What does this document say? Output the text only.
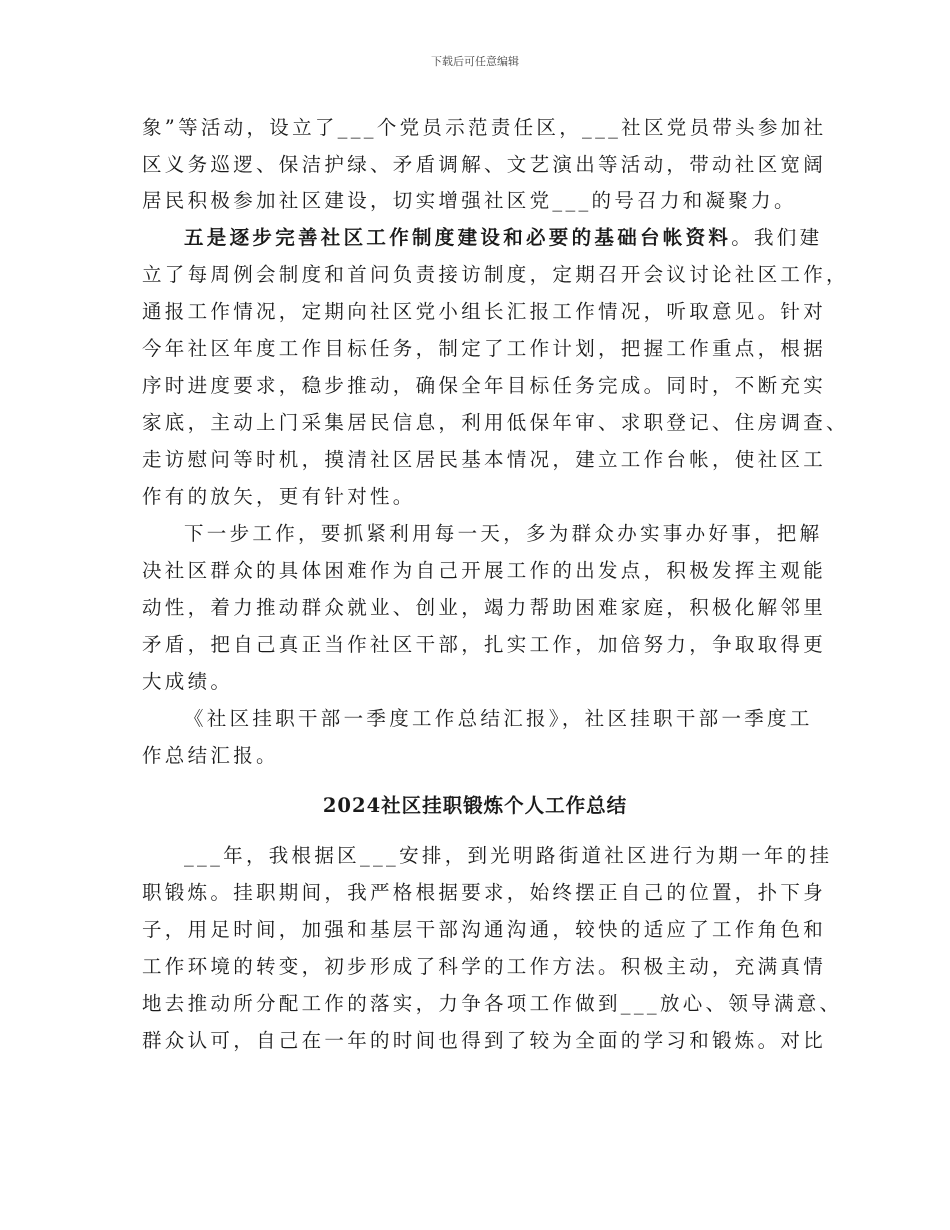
下载后可任意编辑
象”等活动，设立了___个党员示范责任区，___社区党员带头参加社
区义务巡逻、保洁护绿、矛盾调解、文艺演出等活动，带动社区宽阔
居民积极参加社区建设，切实增强社区党___的号召力和凝聚力。
五是逐步完善社区工作制度建设和必要的基础台帐资料。我们建
立了每周例会制度和首问负责接访制度，定期召开会议讨论社区工作，
通报工作情况，定期向社区党小组长汇报工作情况，听取意见。针对
今年社区年度工作目标任务，制定了工作计划，把握工作重点，根据
序时进度要求，稳步推动，确保全年目标任务完成。同时，不断充实
家底，主动上门采集居民信息，利用低保年审、求职登记、住房调查、
走访慰问等时机，摸清社区居民基本情况，建立工作台帐，使社区工
作有的放矢，更有针对性。
下一步工作，要抓紧利用每一天，多为群众办实事办好事，把解
决社区群众的具体困难作为自己开展工作的出发点，积极发挥主观能
动性，着力推动群众就业、创业，竭力帮助困难家庭，积极化解邻里
矛盾，把自己真正当作社区干部，扎实工作，加倍努力，争取取得更
大成绩。
《社区挂职干部一季度工作总结汇报》，社区挂职干部一季度工
作总结汇报。
2024社区挂职锻炼个人工作总结
___年，我根据区___安排，到光明路街道社区进行为期一年的挂
职锻炼。挂职期间，我严格根据要求，始终摆正自己的位置，扑下身
子，用足时间，加强和基层干部沟通沟通，较快的适应了工作角色和
工作环境的转变，初步形成了科学的工作方法。积极主动，充满真情
地去推动所分配工作的落实，力争各项工作做到___放心、领导满意、
群众认可，自己在一年的时间也得到了较为全面的学习和锻炼。对比
